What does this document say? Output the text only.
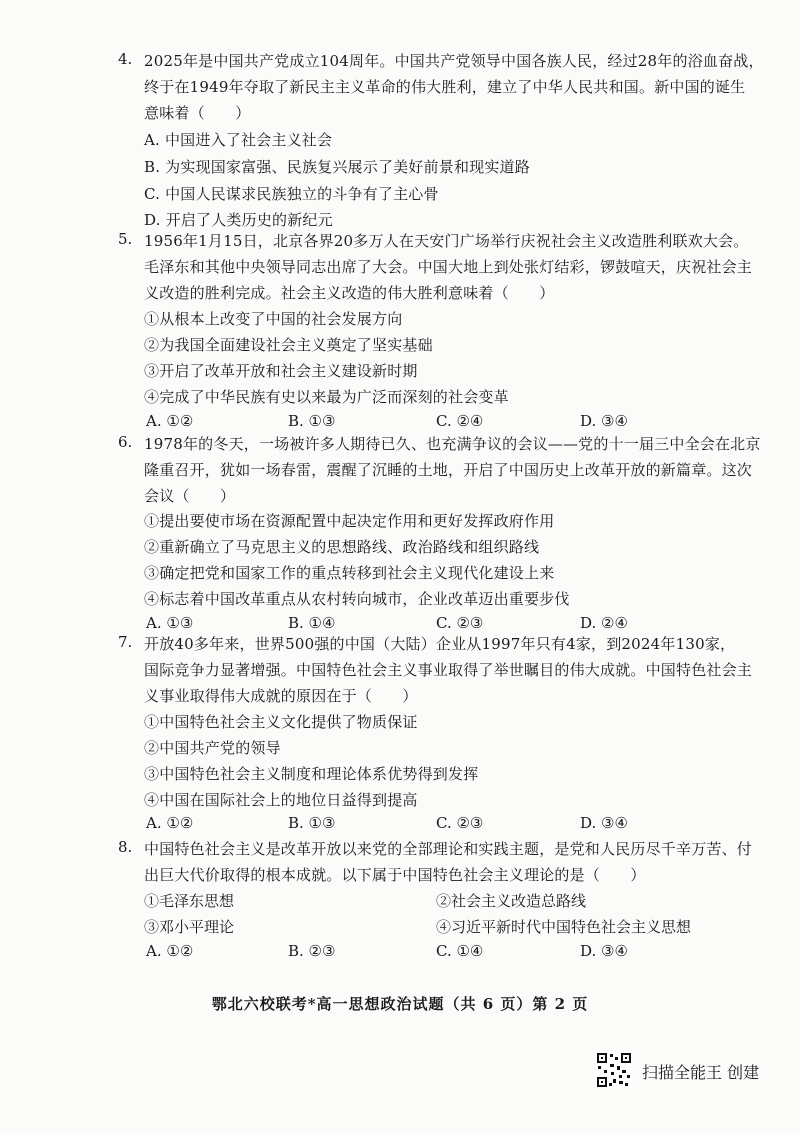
4. 2025年是中国共产党成立104周年。中国共产党领导中国各族人民，经过28年的浴血奋战，
终于在1949年夺取了新民主主义革命的伟大胜利，建立了中华人民共和国。新中国的诞生
意味着（　　）
A. 中国进入了社会主义社会
B. 为实现国家富强、民族复兴展示了美好前景和现实道路
C. 中国人民谋求民族独立的斗争有了主心骨
D. 开启了人类历史的新纪元
5. 1956年1月15日，北京各界20多万人在天安门广场举行庆祝社会主义改造胜利联欢大会。
毛泽东和其他中央领导同志出席了大会。中国大地上到处张灯结彩，锣鼓喧天，庆祝社会主
义改造的胜利完成。社会主义改造的伟大胜利意味着（　　）
①从根本上改变了中国的社会发展方向
②为我国全面建设社会主义奠定了坚实基础
③开启了改革开放和社会主义建设新时期
④完成了中华民族有史以来最为广泛而深刻的社会变革
A. ①②	B. ①③	C. ②④	D. ③④
6. 1978年的冬天，一场被许多人期待已久、也充满争议的会议——党的十一届三中全会在北京
隆重召开，犹如一场春雷，震醒了沉睡的土地，开启了中国历史上改革开放的新篇章。这次
会议（　　）
①提出要使市场在资源配置中起决定作用和更好发挥政府作用
②重新确立了马克思主义的思想路线、政治路线和组织路线
③确定把党和国家工作的重点转移到社会主义现代化建设上来
④标志着中国改革重点从农村转向城市，企业改革迈出重要步伐
A. ①③	B. ①④	C. ②③	D. ②④
7. 开放40多年来，世界500强的中国（大陆）企业从1997年只有4家，到2024年130家，
国际竞争力显著增强。中国特色社会主义事业取得了举世瞩目的伟大成就。中国特色社会主
义事业取得伟大成就的原因在于（　　）
①中国特色社会主义文化提供了物质保证
②中国共产党的领导
③中国特色社会主义制度和理论体系优势得到发挥
④中国在国际社会上的地位日益得到提高
A. ①②	B. ①③	C. ②③	D. ③④
8. 中国特色社会主义是改革开放以来党的全部理论和实践主题，是党和人民历尽千辛万苦、付
出巨大代价取得的根本成就。以下属于中国特色社会主义理论的是（　　）
①毛泽东思想	②社会主义改造总路线
③邓小平理论	④习近平新时代中国特色社会主义思想
A. ①②	B. ②③	C. ①④	D. ③④
鄂北六校联考*高一思想政治试题（共 6 页）第 2 页
扫描全能王 创建
